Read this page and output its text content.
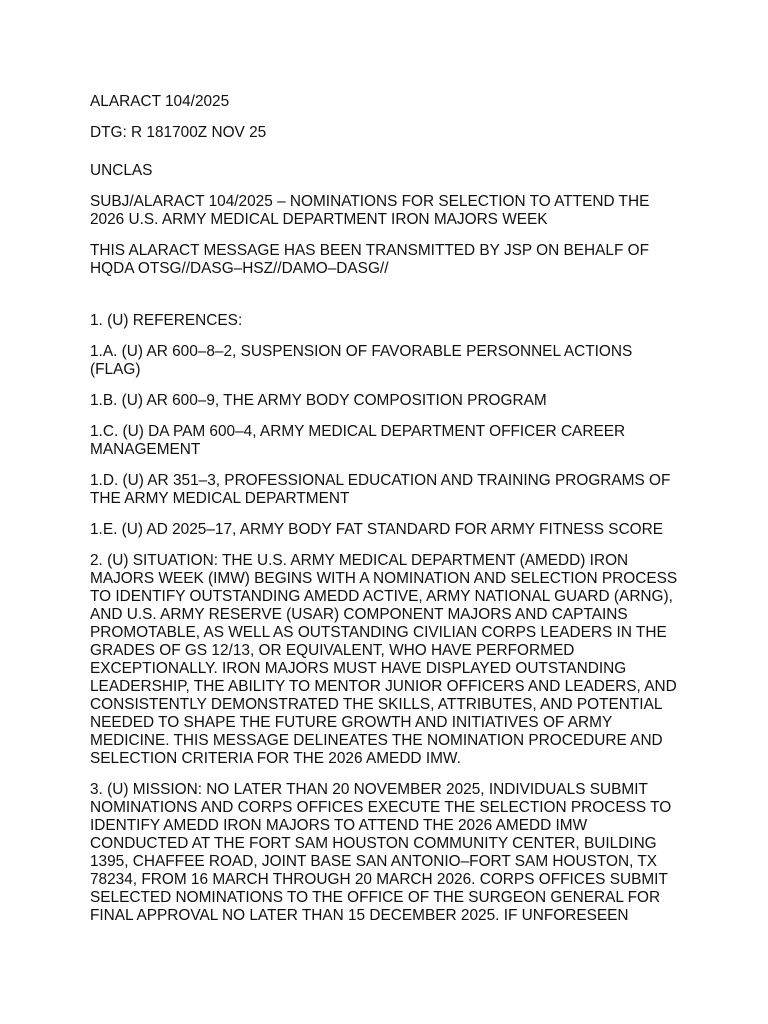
ALARACT 104/2025

DTG: R 181700Z NOV 25

UNCLAS

SUBJ/ALARACT 104/2025 – NOMINATIONS FOR SELECTION TO ATTEND THE
2026 U.S. ARMY MEDICAL DEPARTMENT IRON MAJORS WEEK

THIS ALARACT MESSAGE HAS BEEN TRANSMITTED BY JSP ON BEHALF OF
HQDA OTSG//DASG–HSZ//DAMO–DASG//

1. (U) REFERENCES:

1.A. (U) AR 600–8–2, SUSPENSION OF FAVORABLE PERSONNEL ACTIONS
(FLAG)

1.B. (U) AR 600–9, THE ARMY BODY COMPOSITION PROGRAM

1.C. (U) DA PAM 600–4, ARMY MEDICAL DEPARTMENT OFFICER CAREER
MANAGEMENT

1.D. (U) AR 351–3, PROFESSIONAL EDUCATION AND TRAINING PROGRAMS OF
THE ARMY MEDICAL DEPARTMENT

1.E. (U) AD 2025–17, ARMY BODY FAT STANDARD FOR ARMY FITNESS SCORE

2. (U) SITUATION: THE U.S. ARMY MEDICAL DEPARTMENT (AMEDD) IRON
MAJORS WEEK (IMW) BEGINS WITH A NOMINATION AND SELECTION PROCESS
TO IDENTIFY OUTSTANDING AMEDD ACTIVE, ARMY NATIONAL GUARD (ARNG),
AND U.S. ARMY RESERVE (USAR) COMPONENT MAJORS AND CAPTAINS
PROMOTABLE, AS WELL AS OUTSTANDING CIVILIAN CORPS LEADERS IN THE
GRADES OF GS 12/13, OR EQUIVALENT, WHO HAVE PERFORMED
EXCEPTIONALLY. IRON MAJORS MUST HAVE DISPLAYED OUTSTANDING
LEADERSHIP, THE ABILITY TO MENTOR JUNIOR OFFICERS AND LEADERS, AND
CONSISTENTLY DEMONSTRATED THE SKILLS, ATTRIBUTES, AND POTENTIAL
NEEDED TO SHAPE THE FUTURE GROWTH AND INITIATIVES OF ARMY
MEDICINE. THIS MESSAGE DELINEATES THE NOMINATION PROCEDURE AND
SELECTION CRITERIA FOR THE 2026 AMEDD IMW.

3. (U) MISSION: NO LATER THAN 20 NOVEMBER 2025, INDIVIDUALS SUBMIT
NOMINATIONS AND CORPS OFFICES EXECUTE THE SELECTION PROCESS TO
IDENTIFY AMEDD IRON MAJORS TO ATTEND THE 2026 AMEDD IMW
CONDUCTED AT THE FORT SAM HOUSTON COMMUNITY CENTER, BUILDING
1395, CHAFFEE ROAD, JOINT BASE SAN ANTONIO–FORT SAM HOUSTON, TX
78234, FROM 16 MARCH THROUGH 20 MARCH 2026. CORPS OFFICES SUBMIT
SELECTED NOMINATIONS TO THE OFFICE OF THE SURGEON GENERAL FOR
FINAL APPROVAL NO LATER THAN 15 DECEMBER 2025. IF UNFORESEEN
